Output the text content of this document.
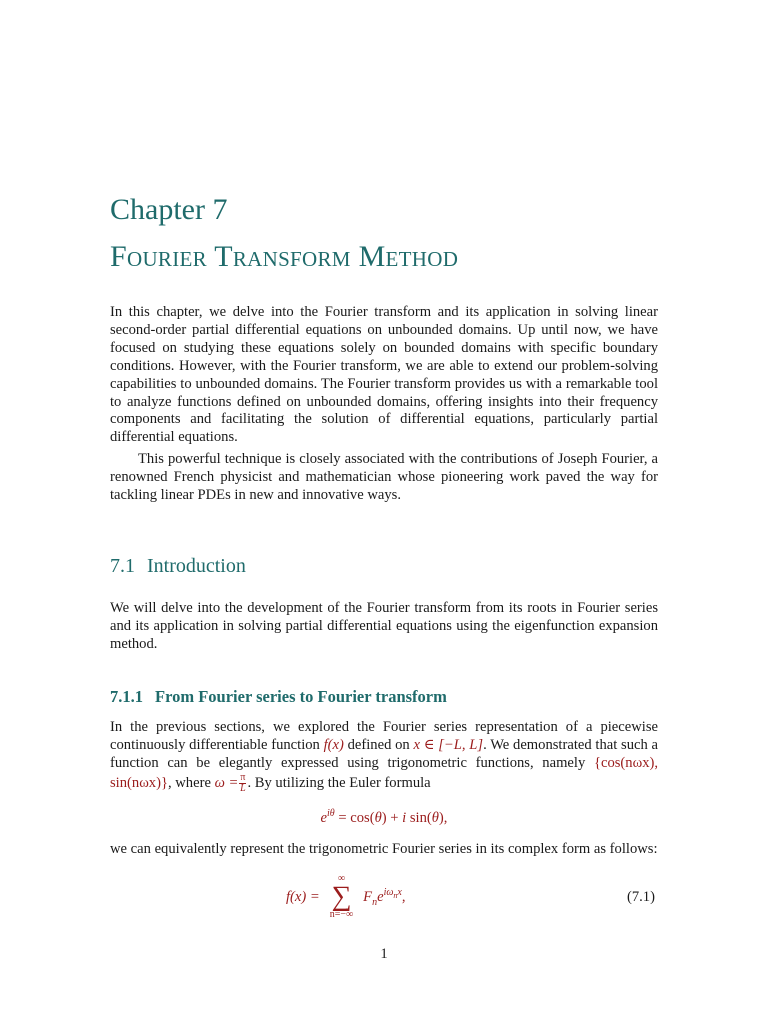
Chapter 7
Fourier Transform Method

In this chapter, we delve into the Fourier transform and its application in solving linear second-order partial differential equations on unbounded domains. Up until now, we have focused on studying these equations solely on bounded domains with specific boundary conditions. However, with the Fourier transform, we are able to extend our problem-solving capabilities to unbounded domains. The Fourier transform provides us with a remarkable tool to analyze functions defined on unbounded domains, offering insights into their frequency components and facilitating the solution of differential equations, particularly partial differential equations.

This powerful technique is closely associated with the contributions of Joseph Fourier, a renowned French physicist and mathematician whose pioneering work paved the way for tackling linear PDEs in new and innovative ways.

7.1 Introduction

We will delve into the development of the Fourier transform from its roots in Fourier series and its application in solving partial differential equations using the eigenfunction expansion method.

7.1.1 From Fourier series to Fourier transform

In the previous sections, we explored the Fourier series representation of a piecewise continuously differentiable function f(x) defined on x ∈ [−L, L]. We demonstrated that such a function can be elegantly expressed using trigonometric functions, namely {cos(nωx), sin(nωx)}, where $\omega = \frac{\pi}{L}$ . By utilizing the Euler formula

$e^{i\theta} = \cos(\theta) + i$ sin(θ),

we can equivalently represent the trigonometric Fourier series in its complex form as follows:

f(x) =
∞
∑
n=−∞
$F_ne^{i\omega_nx}$,	(7.1)
1
